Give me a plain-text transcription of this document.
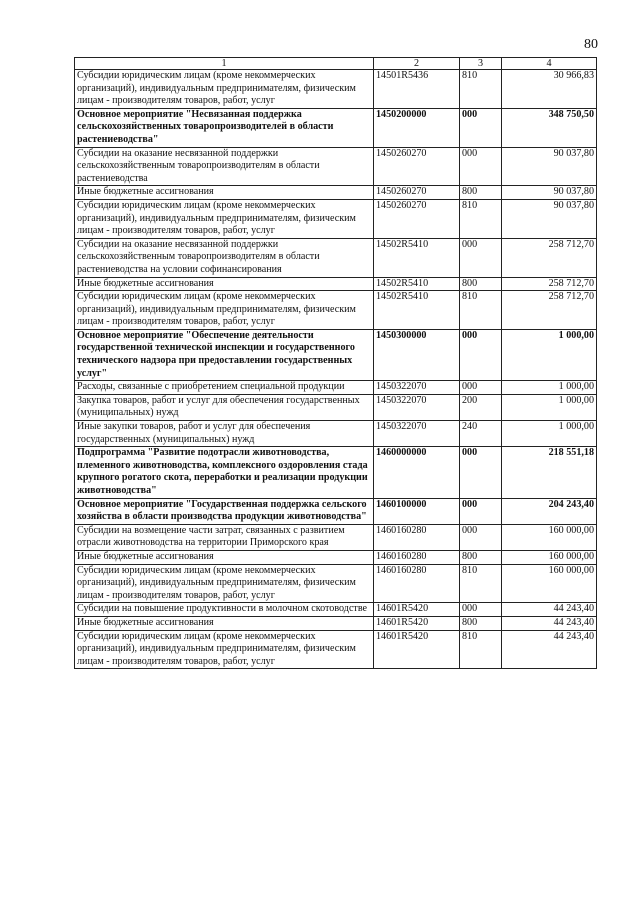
80
1	2	3	4
Субсидии юридическим лицам (кроме некоммерческих организаций), индивидуальным предпринимателям, физическим лицам - производителям товаров, работ, услуг	14501R5436	810	30 966,83
Основное мероприятие "Несвязанная поддержка сельскохозяйственных товаропроизводителей в области растениеводства"	1450200000	000	348 750,50
Субсидии на оказание несвязанной поддержки сельскохозяйственным товаропроизводителям в области растениеводства	1450260270	000	90 037,80
Иные бюджетные ассигнования	1450260270	800	90 037,80
Субсидии юридическим лицам (кроме некоммерческих организаций), индивидуальным предпринимателям, физическим лицам - производителям товаров, работ, услуг	1450260270	810	90 037,80
Субсидии на оказание несвязанной поддержки сельскохозяйственным товаропроизводителям в области растениеводства на условии софинансирования	14502R5410	000	258 712,70
Иные бюджетные ассигнования	14502R5410	800	258 712,70
Субсидии юридическим лицам (кроме некоммерческих организаций), индивидуальным предпринимателям, физическим лицам - производителям товаров, работ, услуг	14502R5410	810	258 712,70
Основное мероприятие "Обеспечение деятельности государственной технической инспекции и государственного технического надзора при предоставлении государственных услуг"	1450300000	000	1 000,00
Расходы, связанные с приобретением специальной продукции	1450322070	000	1 000,00
Закупка товаров, работ и услуг для обеспечения государственных (муниципальных) нужд	1450322070	200	1 000,00
Иные закупки товаров, работ и услуг для обеспечения государственных (муниципальных) нужд	1450322070	240	1 000,00
Подпрограмма "Развитие подотрасли животноводства, племенного животноводства, комплексного оздоровления стада крупного рогатого скота, переработки и реализации продукции животноводства"	1460000000	000	218 551,18
Основное мероприятие "Государственная поддержка сельского хозяйства в области производства продукции животноводства"	1460100000	000	204 243,40
Субсидии на возмещение части затрат, связанных с развитием отрасли животноводства на территории Приморского края	1460160280	000	160 000,00
Иные бюджетные ассигнования	1460160280	800	160 000,00
Субсидии юридическим лицам (кроме некоммерческих организаций), индивидуальным предпринимателям, физическим лицам - производителям товаров, работ, услуг	1460160280	810	160 000,00
Субсидии на повышение продуктивности в молочном скотоводстве	14601R5420	000	44 243,40
Иные бюджетные ассигнования	14601R5420	800	44 243,40
Субсидии юридическим лицам (кроме некоммерческих организаций), индивидуальным предпринимателям, физическим лицам - производителям товаров, работ, услуг	14601R5420	810	44 243,40
